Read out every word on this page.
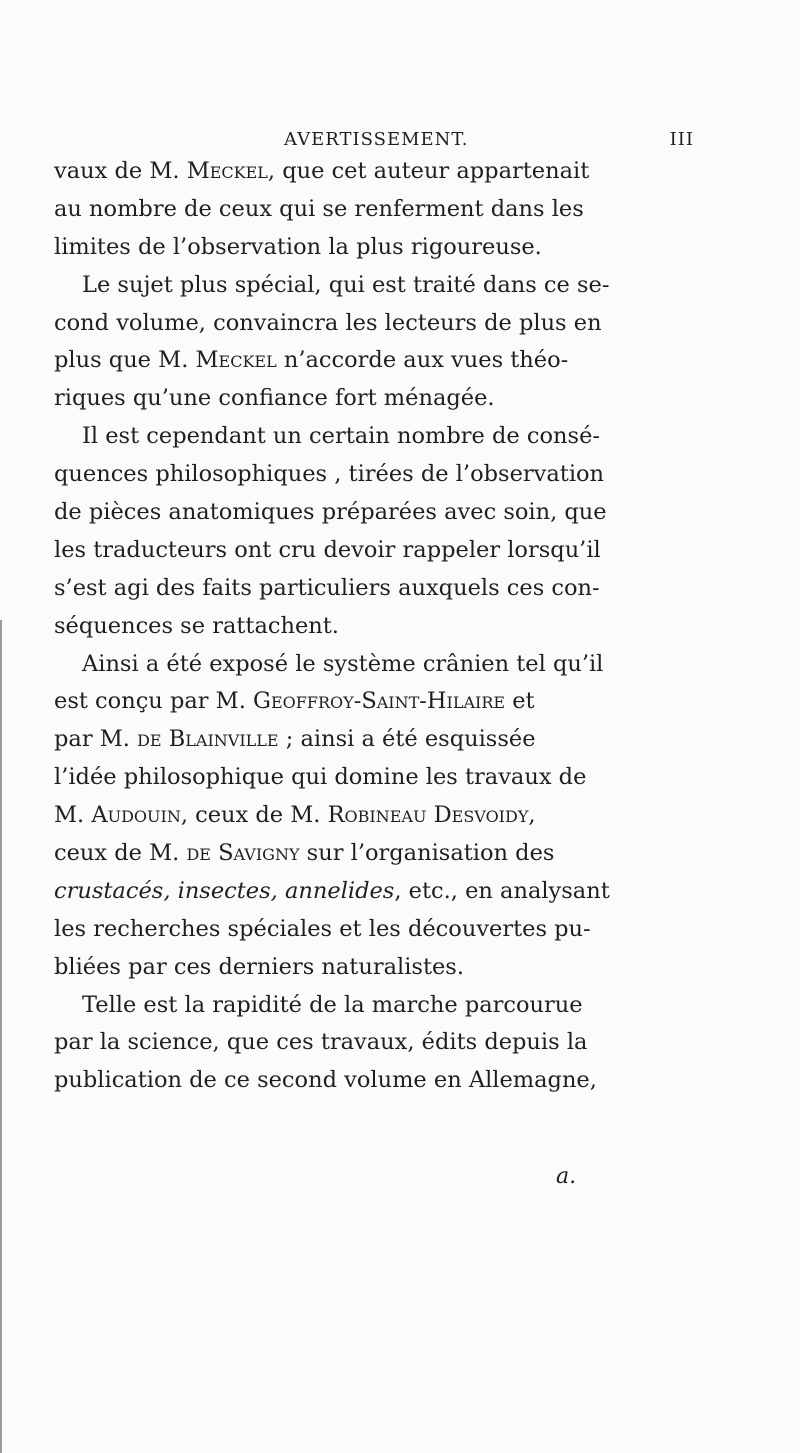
AVERTISSEMENT.	III
vaux de M. Meckel, que cet auteur appartenait
au nombre de ceux qui se renferment dans les
limites de l’observation la plus rigoureuse.
Le sujet plus spécial, qui est traité dans ce se-
cond volume, convaincra les lecteurs de plus en
plus que M. Meckel n’accorde aux vues théo-
riques qu’une confiance fort ménagée.
Il est cependant un certain nombre de consé-
quences philosophiques , tirées de l’observation
de pièces anatomiques préparées avec soin, que
les traducteurs ont cru devoir rappeler lorsqu’il
s’est agi des faits particuliers auxquels ces con-
séquences se rattachent.
Ainsi a été exposé le système crânien tel qu’il
est conçu par M. Geoffroy-Saint-Hilaire et
par M. de Blainville ; ainsi a été esquissée
l’idée philosophique qui domine les travaux de
M. Audouin, ceux de M. Robineau Desvoidy,
ceux de M. de Savigny sur l’organisation des
crustacés, insectes, annelides, etc., en analysant
les recherches spéciales et les découvertes pu-
bliées par ces derniers naturalistes.
Telle est la rapidité de la marche parcourue
par la science, que ces travaux, édits depuis la
publication de ce second volume en Allemagne,
a.
